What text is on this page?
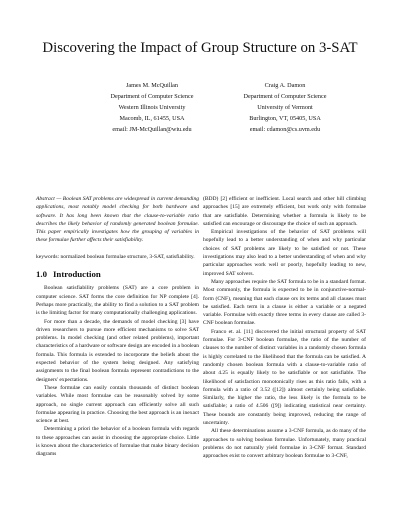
Discovering the Impact of Group Structure on 3-SAT
James M. McQuillan
Department of Computer Science
Western Illinois University
Macomb, IL, 61455, USA
email: JM-McQuillan@wiu.edu
Craig A. Damon
Department of Computer Science
University of Vermont
Burlington, VT, 05405, USA
email: cdamon@cs.uvm.edu

Abstract — Boolean SAT problems are widespread in current demanding applications, most notably model checking for both hardware and software. It has long been known that the clause-to-variable ratio describes the likely behavior of randomly generated boolean formulae. This paper empirically investigates how the grouping of variables in these formulae further affects their satisfiability.

keywords: normalized boolean formulae structure, 3-SAT, satisfiability.

1.0 Introduction

Boolean satisfiability problems (SAT) are a core problem in computer science. SAT forms the core definition for NP complete [4]. Perhaps more practically, the ability to find a solution to a SAT problem is the limiting factor for many computationally challenging applications.

For more than a decade, the demands of model checking [3] have driven researchers to pursue more efficient mechanisms to solve SAT problems. In model checking (and other related problems), important characteristics of a hardware or software design are encoded in a boolean formula. This formula is extended to incorporate the beliefs about the expected behavior of the system being designed. Any satisfying assignments to the final boolean formula represent contradictions to the designers' expectations.

These formulae can easily contain thousands of distinct boolean variables. While most formulae can be reasonably solved by some approach, no single current approach can efficiently solve all such formulae appearing in practice. Choosing the best approach is an inexact science at best.

Determining a priori the behavior of a boolean formula with regards to these approaches can assist in choosing the appropriate choice. Little is known about the characteristics of formulae that make binary decision diagrams

(BDD) [2] efficient or inefficient. Local search and other hill climbing approaches [15] are extremely efficient, but work only with formulae that are satisfiable. Determining whether a formula is likely to be satisfied can encourage or discourage the choice of such an approach.

Empirical investigations of the behavior of SAT problems will hopefully lead to a better understanding of when and why particular choices of SAT problems are likely to be satisfied or not. These investigations may also lead to a better understanding of when and why particular approaches work well or poorly, hopefully leading to new, improved SAT solvers.

Many approaches require the SAT formula to be in a standard format. Most commonly, the formula is expected to be in conjunctive-normal-form (CNF), meaning that each clause ors its terms and all clauses must be satisfied. Each term in a clause is either a variable or a negated variable. Formulae with exactly three terms in every clause are called 3-CNF boolean formulae.

Franco et. al. [11] discovered the initial structural property of SAT formulae. For 3-CNF boolean formulae, the ratio of the number of clauses to the number of distinct variables in a randomly chosen formula is highly correlated to the likelihood that the formula can be satisfied. A randomly chosen boolean formula with a clause-to-variable ratio of about 4.25 is equally likely to be satisfiable or not satisfiable. The likelihood of satisfaction monotonically rises as this ratio falls, with a formula with a ratio of 3.52 ([12]) almost certainly being satisfiable. Similarly, the higher the ratio, the less likely is the formula to be satisfiable; a ratio of 4.506 ([9]) indicating statistical near certainty. These bounds are constantly being improved, reducing the range of uncertainty.

All these determinations assume a 3-CNF formula, as do many of the approaches to solving boolean formulae. Unfortunately, many practical problems do not naturally yield formulae in 3-CNF format. Standard approaches exist to convert arbitrary boolean formulae to 3-CNF,
